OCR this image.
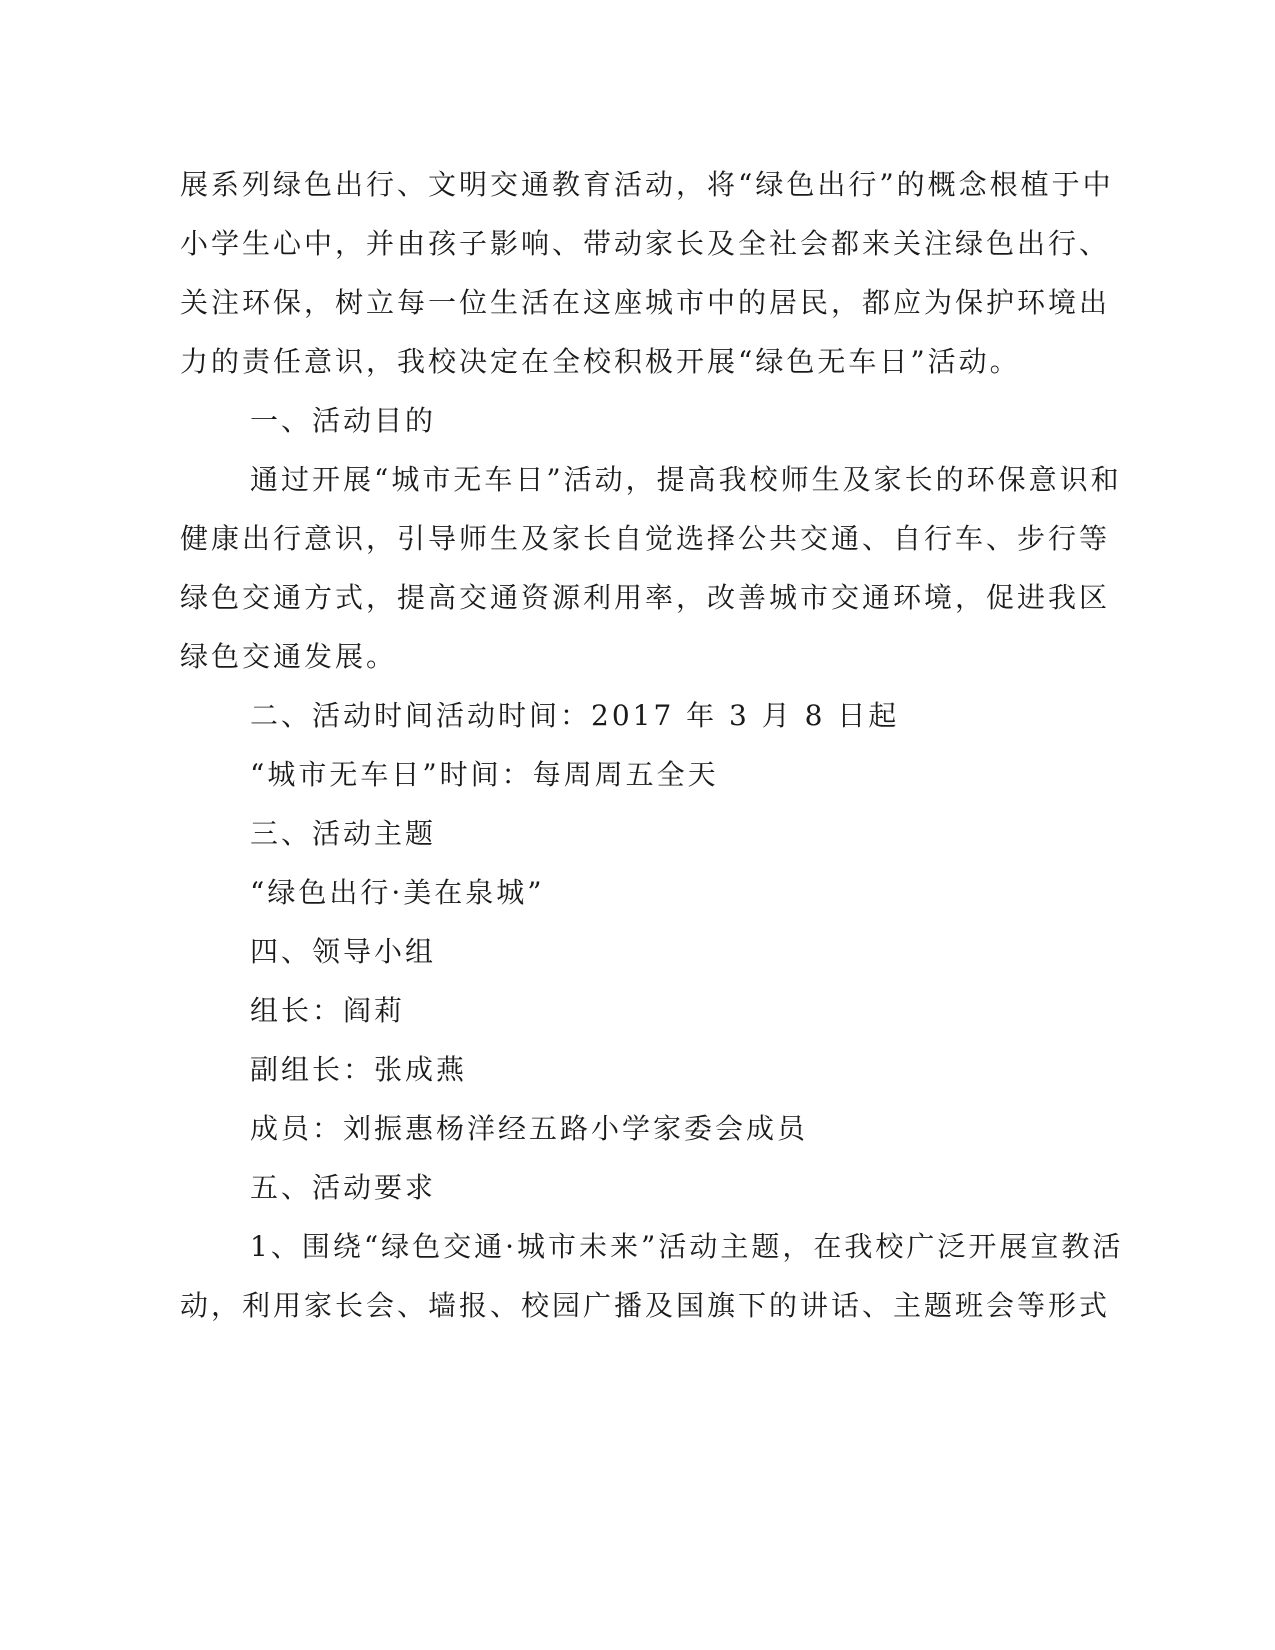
展系列绿色出行、文明交通教育活动，将“绿色出行”的概念根植于中
小学生心中，并由孩子影响、带动家长及全社会都来关注绿色出行、
关注环保，树立每一位生活在这座城市中的居民，都应为保护环境出
力的责任意识，我校决定在全校积极开展“绿色无车日”活动。

一、活动目的

通过开展“城市无车日”活动，提高我校师生及家长的环保意识和
健康出行意识，引导师生及家长自觉选择公共交通、自行车、步行等
绿色交通方式，提高交通资源利用率，改善城市交通环境，促进我区
绿色交通发展。

二、活动时间活动时间：2017 年 3 月 8 日起

“城市无车日”时间：每周周五全天

三、活动主题

“绿色出行·美在泉城”

四、领导小组

组长：阎莉

副组长：张成燕

成员：刘振惠杨洋经五路小学家委会成员

五、活动要求

1、围绕“绿色交通·城市未来”活动主题，在我校广泛开展宣教活
动，利用家长会、墙报、校园广播及国旗下的讲话、主题班会等形式
